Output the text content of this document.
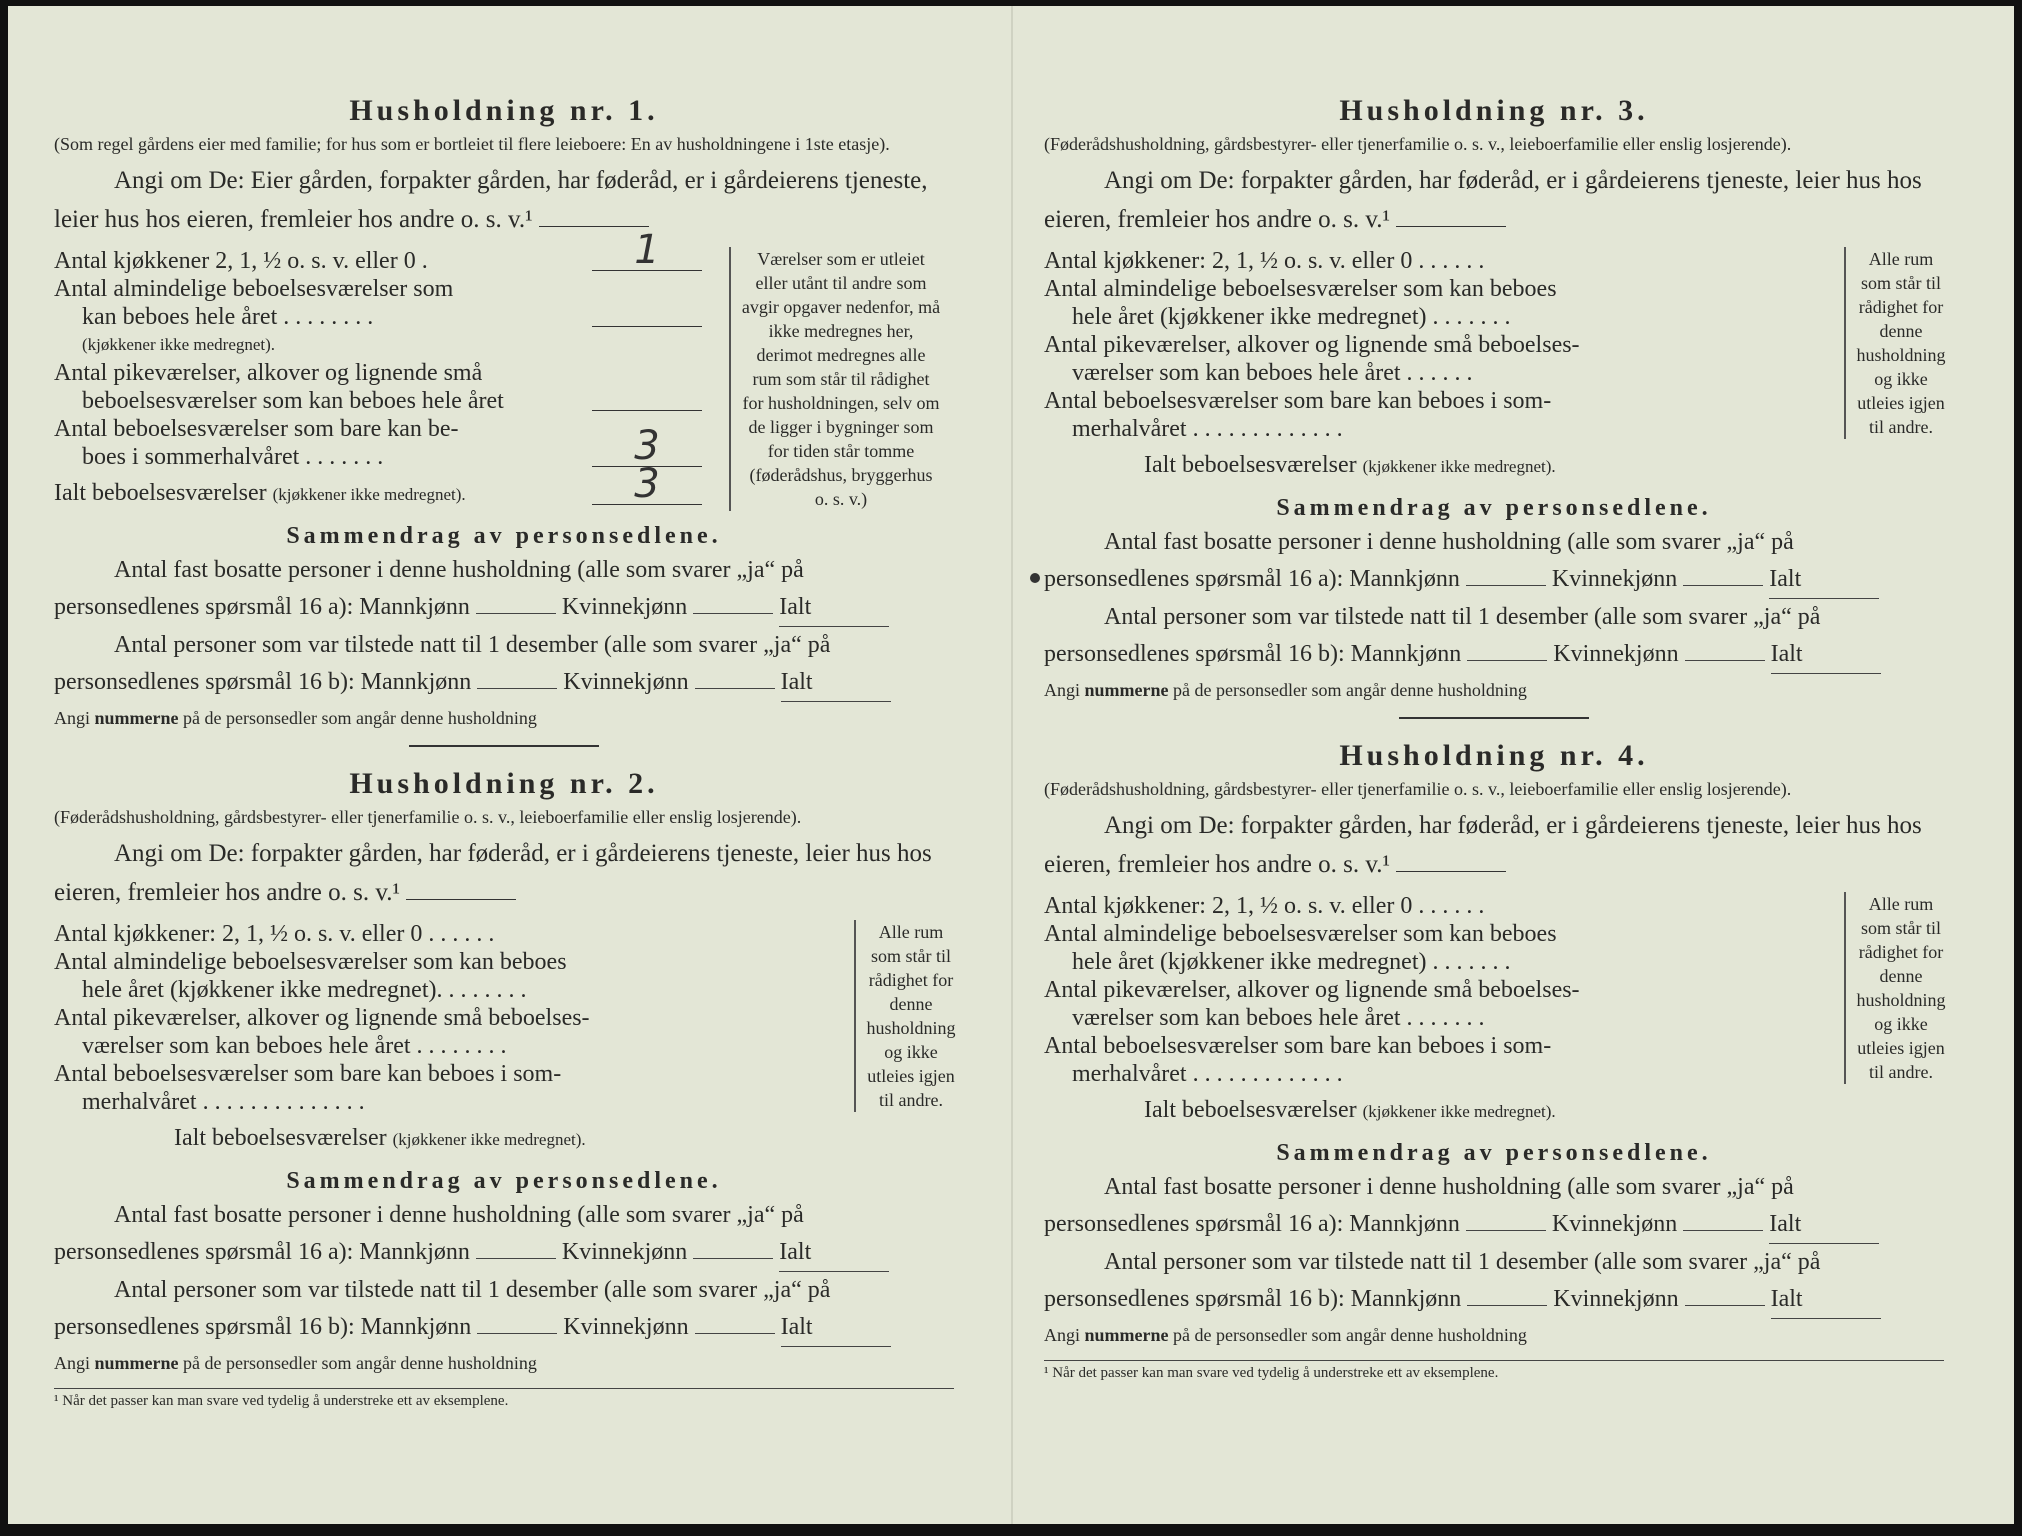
Husholdning nr. 1.

(Som regel gårdens eier med familie; for hus som er bortleiet til flere leieboere: En av husholdningene i 1ste etasje).

Angi om De: Eier gården, forpakter gården, har føderåd, er i gårdeierens tjeneste, leier hus hos eieren, fremleier hos andre o. s. v.¹

Antal kjøkkener 2, 1, ½ o. s. v. eller 0 .	1

Antal almindelige beboelsesværelser som

kan beboes hele året . . . . . . . .

(kjøkkener ikke medregnet).

Antal pikeværelser, alkover og lignende små

beboelsesværelser som kan beboes hele året

Antal beboelsesværelser som bare kan be-

boes i sommerhalvåret . . . . . . .	3

Ialt beboelsesværelser (kjøkkener ikke medregnet).	3

Værelser som er utleiet eller utånt til andre som avgir opgaver nedenfor, må ikke medregnes her, derimot medregnes alle rum som står til rådighet for husholdningen, selv om de ligger i bygninger som for tiden står tomme (føderådshus, bryggerhus o. s. v.)

Sammendrag av personsedlene.

Antal fast bosatte personer i denne husholdning (alle som svarer „ja“ på

personsedlenes spørsmål 16 a): Mannkjønn	Kvinnekjønn	Ialt

Antal personer som var tilstede natt til 1 desember (alle som svarer „ja“ på

personsedlenes spørsmål 16 b): Mannkjønn	Kvinnekjønn	Ialt

Angi nummerne på de personsedler som angår denne husholdning

Husholdning nr. 2.

(Føderådshusholdning, gårdsbestyrer- eller tjenerfamilie o. s. v., leieboerfamilie eller enslig losjerende).

Angi om De: forpakter gården, har føderåd, er i gårdeierens tjeneste, leier hus hos eieren, fremleier hos andre o. s. v.¹

Antal kjøkkener: 2, 1, ½ o. s. v. eller 0 . . . . . .

Antal almindelige beboelsesværelser som kan beboes

hele året (kjøkkener ikke medregnet). . . . . . . .

Antal pikeværelser, alkover og lignende små beboelses-

værelser som kan beboes hele året . . . . . . . .

Antal beboelsesværelser som bare kan beboes i som-

merhalvåret . . . . . . . . . . . . . .

Ialt beboelsesværelser (kjøkkener ikke medregnet).

Alle rum som står til rådighet for denne husholdning og ikke utleies igjen til andre.

Sammendrag av personsedlene.

Antal fast bosatte personer i denne husholdning (alle som svarer „ja“ på

personsedlenes spørsmål 16 a): Mannkjønn	Kvinnekjønn	Ialt

Antal personer som var tilstede natt til 1 desember (alle som svarer „ja“ på

personsedlenes spørsmål 16 b): Mannkjønn	Kvinnekjønn	Ialt

Angi nummerne på de personsedler som angår denne husholdning

¹ Når det passer kan man svare ved tydelig å understreke ett av eksemplene.

Husholdning nr. 3.

(Føderådshusholdning, gårdsbestyrer- eller tjenerfamilie o. s. v., leieboerfamilie eller enslig losjerende).

Angi om De: forpakter gården, har føderåd, er i gårdeierens tjeneste, leier hus hos eieren, fremleier hos andre o. s. v.¹

Antal kjøkkener: 2, 1, ½ o. s. v. eller 0 . . . . . .

Antal almindelige beboelsesværelser som kan beboes

hele året (kjøkkener ikke medregnet) . . . . . . .

Antal pikeværelser, alkover og lignende små beboelses-

værelser som kan beboes hele året . . . . . .

Antal beboelsesværelser som bare kan beboes i som-

merhalvåret . . . . . . . . . . . . .

Ialt beboelsesværelser (kjøkkener ikke medregnet).

Alle rum som står til rådighet for denne husholdning og ikke utleies igjen til andre.

Sammendrag av personsedlene.

Antal fast bosatte personer i denne husholdning (alle som svarer „ja“ på

personsedlenes spørsmål 16 a): Mannkjønn	Kvinnekjønn	Ialt

Antal personer som var tilstede natt til 1 desember (alle som svarer „ja“ på

personsedlenes spørsmål 16 b): Mannkjønn	Kvinnekjønn	Ialt

Angi nummerne på de personsedler som angår denne husholdning

Husholdning nr. 4.

(Føderådshusholdning, gårdsbestyrer- eller tjenerfamilie o. s. v., leieboerfamilie eller enslig losjerende).

Angi om De: forpakter gården, har føderåd, er i gårdeierens tjeneste, leier hus hos eieren, fremleier hos andre o. s. v.¹

Antal kjøkkener: 2, 1, ½ o. s. v. eller 0 . . . . . .

Antal almindelige beboelsesværelser som kan beboes

hele året (kjøkkener ikke medregnet) . . . . . . .

Antal pikeværelser, alkover og lignende små beboelses-

værelser som kan beboes hele året . . . . . . .

Antal beboelsesværelser som bare kan beboes i som-

merhalvåret . . . . . . . . . . . . .

Ialt beboelsesværelser (kjøkkener ikke medregnet).

Alle rum som står til rådighet for denne husholdning og ikke utleies igjen til andre.

Sammendrag av personsedlene.

Antal fast bosatte personer i denne husholdning (alle som svarer „ja“ på

personsedlenes spørsmål 16 a): Mannkjønn	Kvinnekjønn	Ialt

Antal personer som var tilstede natt til 1 desember (alle som svarer „ja“ på

personsedlenes spørsmål 16 b): Mannkjønn	Kvinnekjønn	Ialt

Angi nummerne på de personsedler som angår denne husholdning

¹ Når det passer kan man svare ved tydelig å understreke ett av eksemplene.
